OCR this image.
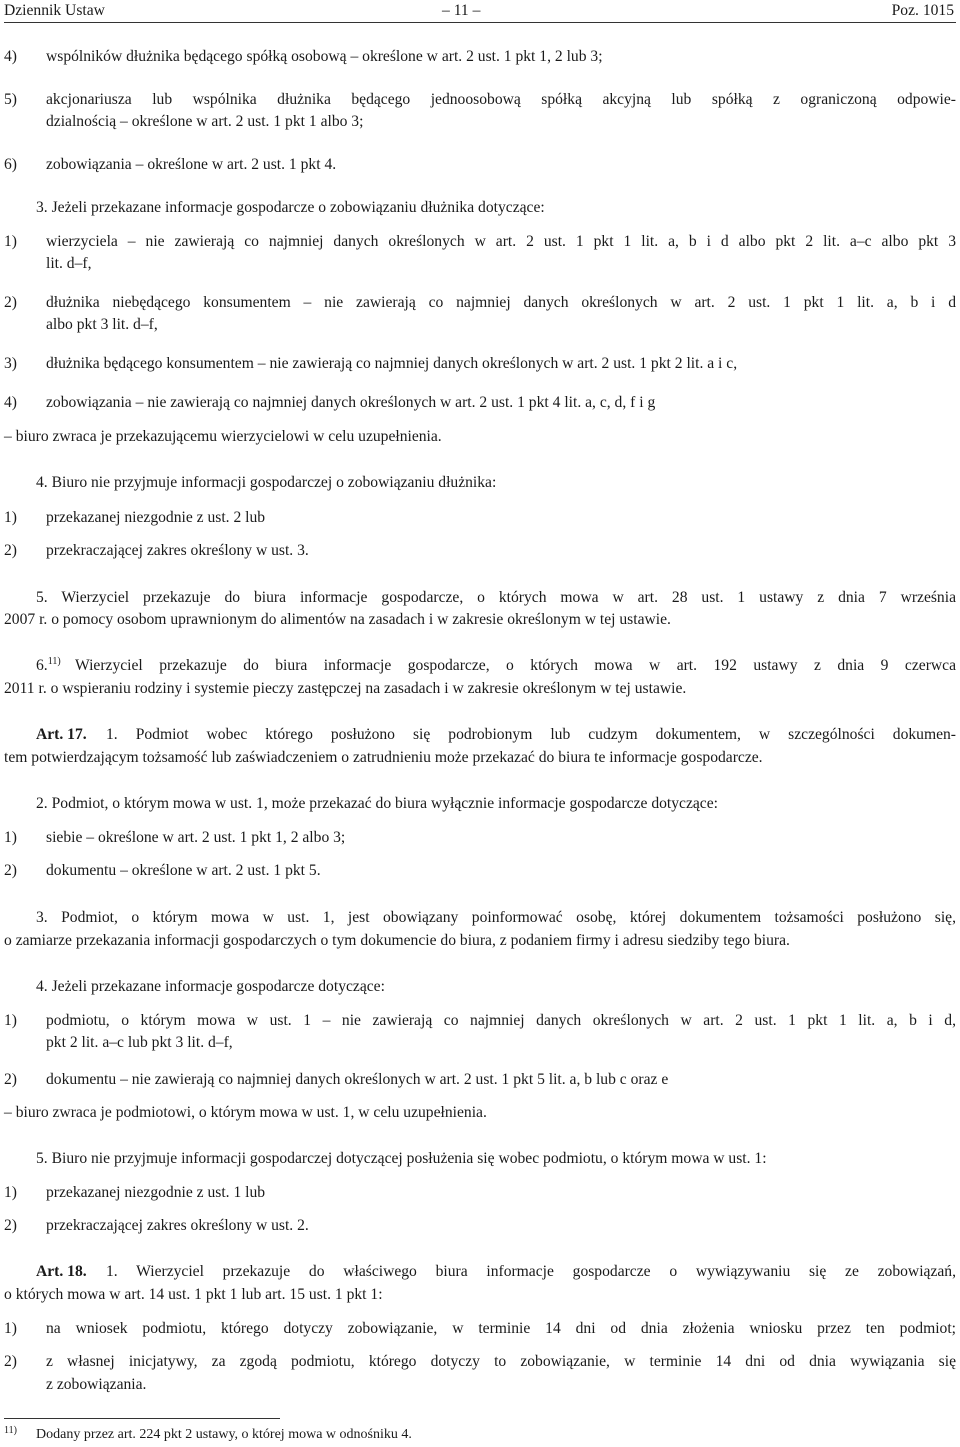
Dziennik Ustaw	– 11 –	Poz. 1015
4) wspólników dłużnika będącego spółką osobową – określone w art. 2 ust. 1 pkt 1, 2 lub 3;
5) akcjonariusza lub wspólnika dłużnika będącego jednoosobową spółką akcyjną lub spółką z ograniczoną odpowie-
dzialnością – określone w art. 2 ust. 1 pkt 1 albo 3;
6) zobowiązania – określone w art. 2 ust. 1 pkt 4.
3. Jeżeli przekazane informacje gospodarcze o zobowiązaniu dłużnika dotyczące:
1) wierzyciela – nie zawierają co najmniej danych określonych w art. 2 ust. 1 pkt 1 lit. a, b i d albo pkt 2 lit. a–c albo pkt 3
lit. d–f,
2) dłużnika niebędącego konsumentem – nie zawierają co najmniej danych określonych w art. 2 ust. 1 pkt 1 lit. a, b i d
albo pkt 3 lit. d–f,
3) dłużnika będącego konsumentem – nie zawierają co najmniej danych określonych w art. 2 ust. 1 pkt 2 lit. a i c,
4) zobowiązania – nie zawierają co najmniej danych określonych w art. 2 ust. 1 pkt 4 lit. a, c, d, f i g
– biuro zwraca je przekazującemu wierzycielowi w celu uzupełnienia.
4. Biuro nie przyjmuje informacji gospodarczej o zobowiązaniu dłużnika:
1) przekazanej niezgodnie z ust. 2 lub
2) przekraczającej zakres określony w ust. 3.
5. Wierzyciel przekazuje do biura informacje gospodarcze, o których mowa w art. 28 ust. 1 ustawy z dnia 7 września
2007 r. o pomocy osobom uprawnionym do alimentów na zasadach i w zakresie określonym w tej ustawie.
6.$^{11)}$ Wierzyciel przekazuje do biura informacje gospodarcze, o których mowa w art. 192 ustawy z dnia 9 czerwca
2011 r. o wspieraniu rodziny i systemie pieczy zastępczej na zasadach i w zakresie określonym w tej ustawie.
Art. 17. 1. Podmiot wobec którego posłużono się podrobionym lub cudzym dokumentem, w szczególności dokumen-
tem potwierdzającym tożsamość lub zaświadczeniem o zatrudnieniu może przekazać do biura te informacje gospodarcze.
2. Podmiot, o którym mowa w ust. 1, może przekazać do biura wyłącznie informacje gospodarcze dotyczące:
1) siebie – określone w art. 2 ust. 1 pkt 1, 2 albo 3;
2) dokumentu – określone w art. 2 ust. 1 pkt 5.
3. Podmiot, o którym mowa w ust. 1, jest obowiązany poinformować osobę, której dokumentem tożsamości posłużono się,
o zamiarze przekazania informacji gospodarczych o tym dokumencie do biura, z podaniem firmy i adresu siedziby tego biura.
4. Jeżeli przekazane informacje gospodarcze dotyczące:
1) podmiotu, o którym mowa w ust. 1 – nie zawierają co najmniej danych określonych w art. 2 ust. 1 pkt 1 lit. a, b i d,
pkt 2 lit. a–c lub pkt 3 lit. d–f,
2) dokumentu – nie zawierają co najmniej danych określonych w art. 2 ust. 1 pkt 5 lit. a, b lub c oraz e
– biuro zwraca je podmiotowi, o którym mowa w ust. 1, w celu uzupełnienia.
5. Biuro nie przyjmuje informacji gospodarczej dotyczącej posłużenia się wobec podmiotu, o którym mowa w ust. 1:
1) przekazanej niezgodnie z ust. 1 lub
2) przekraczającej zakres określony w ust. 2.
Art. 18. 1. Wierzyciel przekazuje do właściwego biura informacje gospodarcze o wywiązywaniu się ze zobowiązań,
o których mowa w art. 14 ust. 1 pkt 1 lub art. 15 ust. 1 pkt 1:
1) na wniosek podmiotu, którego dotyczy zobowiązanie, w terminie 14 dni od dnia złożenia wniosku przez ten podmiot;
2) z własnej inicjatywy, za zgodą podmiotu, którego dotyczy to zobowiązanie, w terminie 14 dni od dnia wywiązania się
z zobowiązania.
11) Dodany przez art. 224 pkt 2 ustawy, o której mowa w odnośniku 4.
